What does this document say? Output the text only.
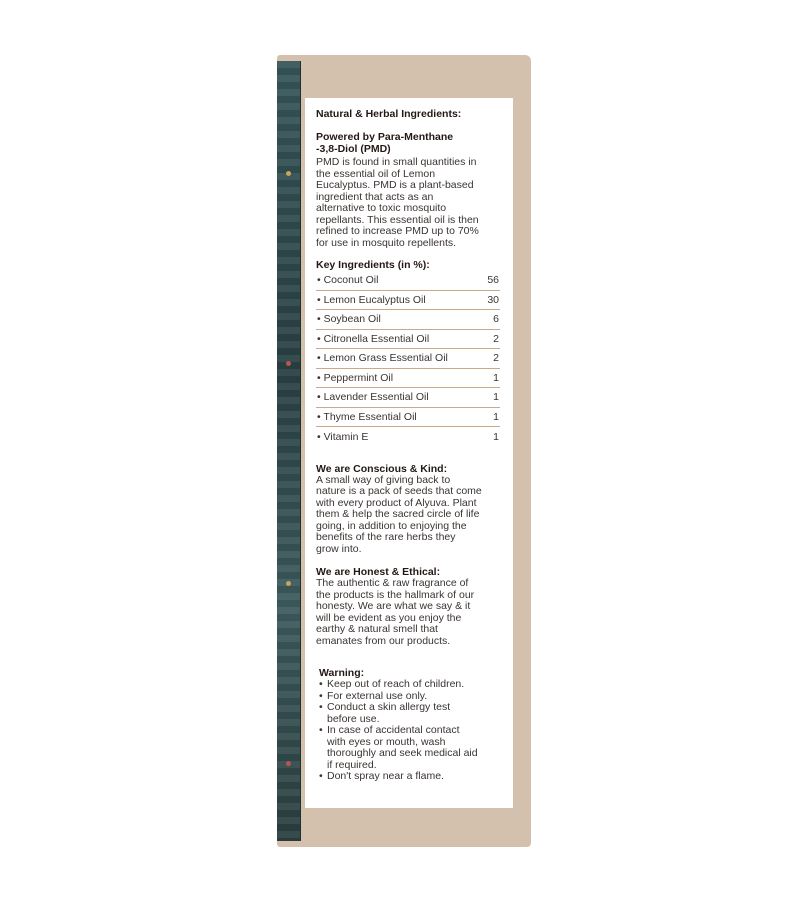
Natural & Herbal Ingredients:

Powered by Para-Menthane

-3,8-Diol (PMD)

PMD is found in small quantities in
the essential oil of Lemon
Eucalyptus. PMD is a plant-based
ingredient that acts as an
alternative to toxic mosquito
repellants. This essential oil is then
refined to increase PMD up to 70%
for use in mosquito repellents.

Key Ingredients (in %):

• Coconut Oil	56
• Lemon Eucalyptus Oil	30
• Soybean Oil	6
• Citronella Essential Oil	2
• Lemon Grass Essential Oil	2
• Peppermint Oil	1
• Lavender Essential Oil	1
• Thyme Essential Oil	1
• Vitamin E	1

We are Conscious & Kind:

A small way of giving back to
nature is a pack of seeds that come
with every product of Alyuva. Plant
them & help the sacred circle of life
going, in addition to enjoying the
benefits of the rare herbs they
grow into.

We are Honest & Ethical:

The authentic & raw fragrance of
the products is the hallmark of our
honesty. We are what we say & it
will be evident as you enjoy the
earthy & natural smell that
emanates from our products.

Warning:

• Keep out of reach of children.
• For external use only.
• Conduct a skin allergy test
before use.
• In case of accidental contact
with eyes or mouth, wash
thoroughly and seek medical aid
if required.
• Don't spray near a flame.
